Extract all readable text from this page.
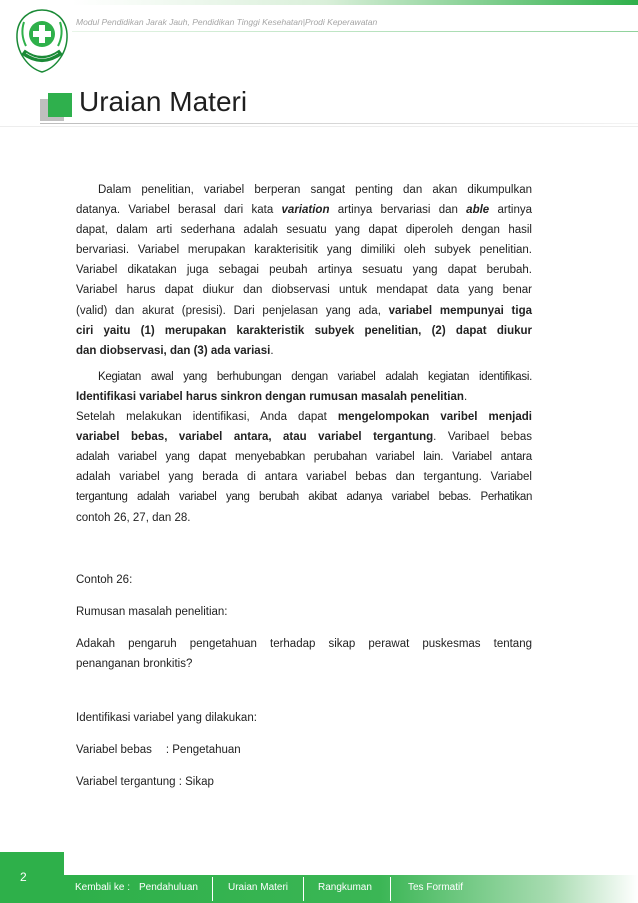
Modul Pendidikan Jarak Jauh, Pendidikan Tinggi Kesehatan|Prodi Keperawatan
Uraian Materi
Dalam penelitian, variabel berperan sangat penting dan akan dikumpulkan
datanya. Variabel berasal dari kata variation artinya bervariasi dan able artinya
dapat, dalam arti sederhana adalah sesuatu yang dapat diperoleh dengan hasil
bervariasi. Variabel merupakan karakterisitik yang dimiliki oleh subyek penelitian.
Variabel dikatakan juga sebagai peubah artinya sesuatu yang dapat berubah.
Variabel harus dapat diukur dan diobservasi untuk mendapat data yang benar
(valid) dan akurat (presisi). Dari penjelasan yang ada, variabel mempunyai tiga
ciri yaitu (1) merupakan karakteristik subyek penelitian, (2) dapat diukur
dan diobservasi, dan (3) ada variasi.
Kegiatan awal yang berhubungan dengan variabel adalah kegiatan identifikasi.
Identifikasi variabel harus sinkron dengan rumusan masalah penelitian.
Setelah melakukan identifikasi, Anda dapat mengelompokan varibel menjadi
variabel bebas, variabel antara, atau variabel tergantung. Varibael bebas
adalah variabel yang dapat menyebabkan perubahan variabel lain. Variabel antara
adalah variabel yang berada di antara variabel bebas dan tergantung. Variabel
tergantung adalah variabel yang berubah akibat adanya variabel bebas. Perhatikan
contoh 26, 27, dan 28.
Contoh 26:
Rumusan masalah penelitian:
Adakah pengaruh pengetahuan terhadap sikap perawat puskesmas tentang
penanganan bronkitis?
Identifikasi variabel yang dilakukan:
Variabel bebas : Pengetahuan
Variabel tergantung : Sikap
2
Kembali ke : Pendahuluan	Uraian Materi	Rangkuman	Tes Formatif
